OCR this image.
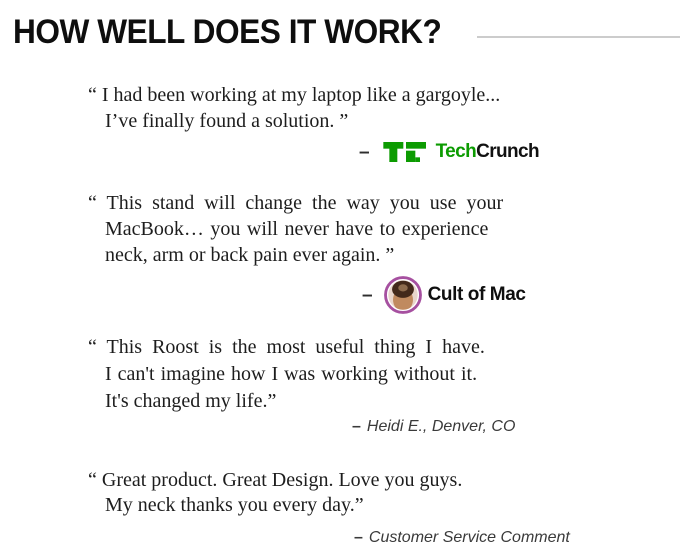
HOW WELL DOES IT WORK?
“ I had been working at my laptop like a gargoyle...
I’ve finally found a solution. ”
–	TechCrunch
“ This stand will change the way you use your
MacBook… you will never have to experience
neck, arm or back pain ever again. ”
–	Cult of Mac
“ This Roost is the most useful thing I have.
I can't imagine how I was working without it.
It's changed my life.”
– Heidi E., Denver, CO
“ Great product. Great Design. Love you guys.
My neck thanks you every day.”
– Customer Service Comment
